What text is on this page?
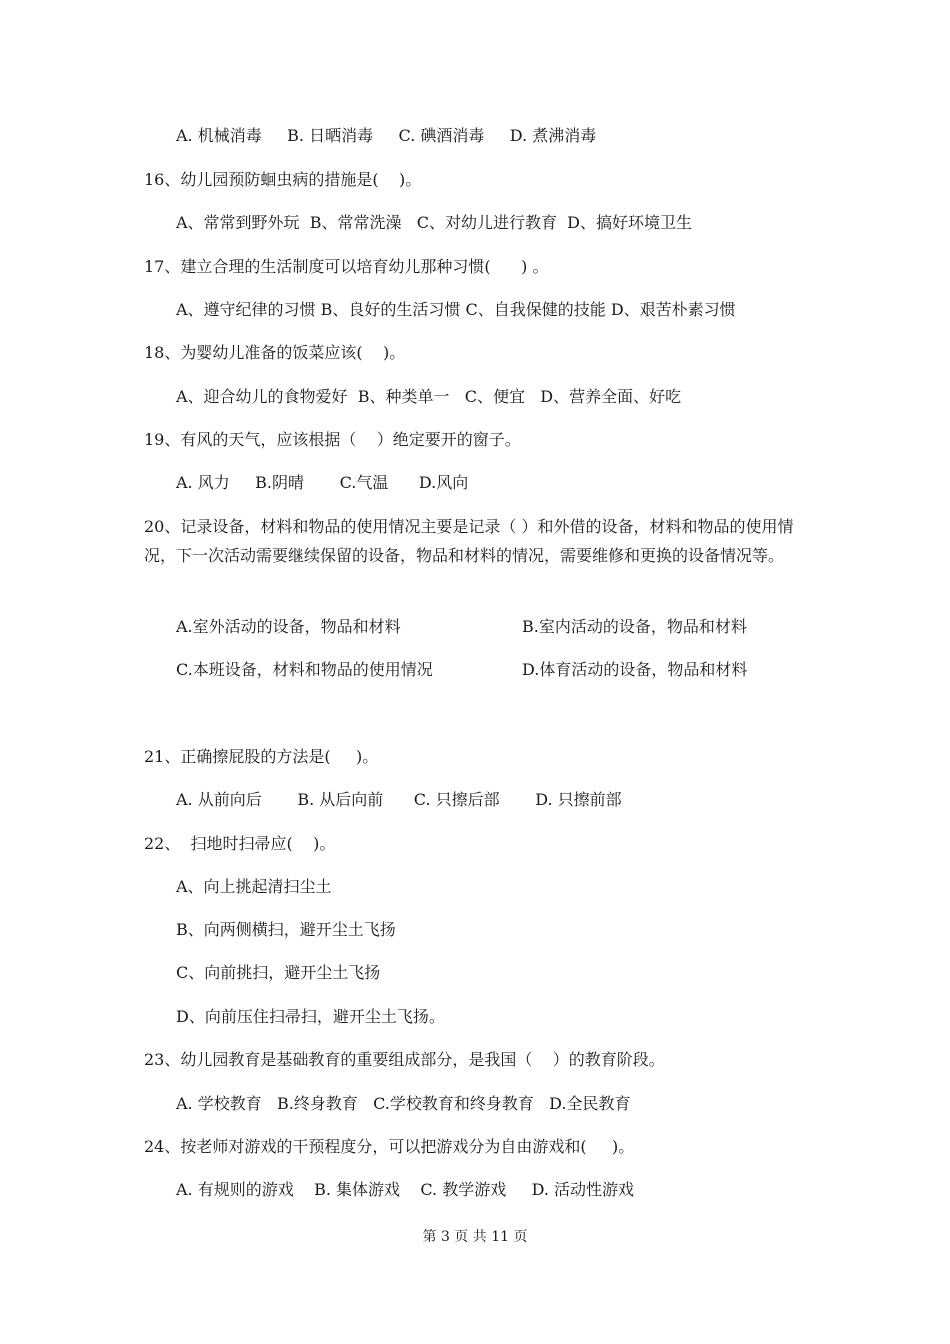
A. 机械消毒     B. 日晒消毒     C. 碘酒消毒     D. 煮沸消毒
16、幼儿园预防蛔虫病的措施是(    )。
A、常常到野外玩  B、常常洗澡   C、对幼儿进行教育  D、搞好环境卫生
17、建立合理的生活制度可以培育幼儿那种习惯(      ) 。
A、遵守纪律的习惯 B、良好的生活习惯 C、自我保健的技能 D、艰苦朴素习惯
18、为婴幼儿准备的饭菜应该(    )。
A、迎合幼儿的食物爱好  B、种类单一   C、便宜   D、营养全面、好吃
19、有风的天气，应该根据（    ）绝定要开的窗子。
A. 风力     B.阴晴       C.气温      D.风向
20、记录设备，材料和物品的使用情况主要是记录（ ）和外借的设备，材料和物品的使用情况，下一次活动需要继续保留的设备，物品和材料的情况，需要维修和更换的设备情况等。
A.室外活动的设备，物品和材料	B.室内活动的设备，物品和材料
C.本班设备，材料和物品的使用情况	D.体育活动的设备，物品和材料
21、正确擦屁股的方法是(     )。
A. 从前向后       B. 从后向前      C. 只擦后部       D. 只擦前部
22、  扫地时扫帚应(    )。
A、向上挑起清扫尘土
B、向两侧横扫，避开尘土飞扬
C、向前挑扫，避开尘土飞扬
D、向前压住扫帚扫，避开尘土飞扬。
23、幼儿园教育是基础教育的重要组成部分，是我国（    ）的教育阶段。
A. 学校教育   B.终身教育   C.学校教育和终身教育   D.全民教育
24、按老师对游戏的干预程度分，可以把游戏分为自由游戏和(     )。
A. 有规则的游戏    B. 集体游戏    C. 教学游戏     D. 活动性游戏
第 3 页 共 11 页
